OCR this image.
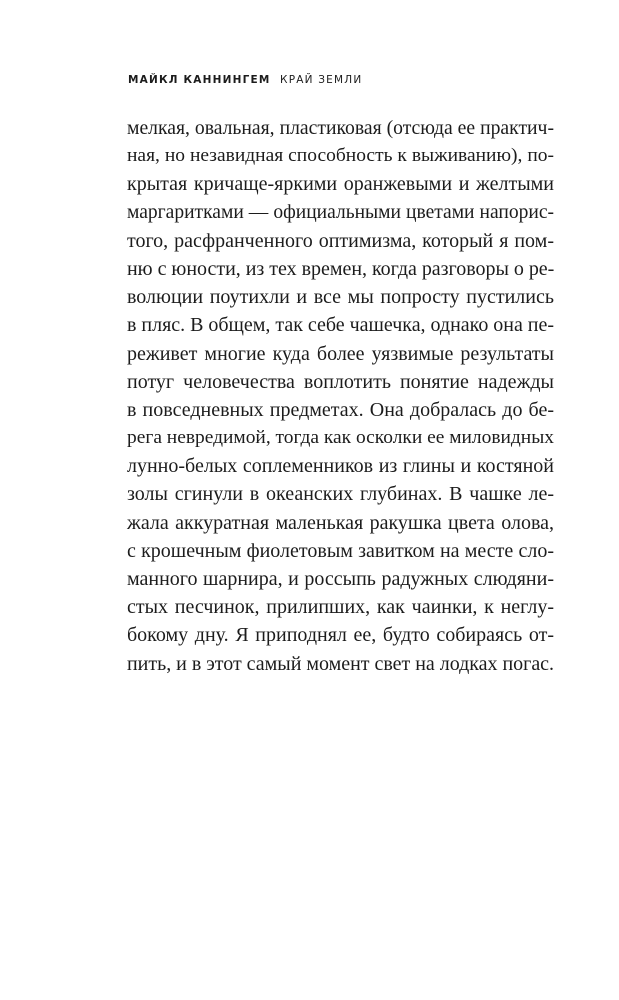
МАЙКЛ КАННИНГЕМ КРАЙ ЗЕМЛИ
мелкая, овальная, пластиковая (отсюда ее практич-
ная, но незавидная способность к выживанию), по-
крытая кричаще-яркими оранжевыми и желтыми
маргаритками — официальными цветами напорис-
того, расфранченного оптимизма, который я пом-
ню с юности, из тех времен, когда разговоры о ре-
волюции поутихли и все мы попросту пустились
в пляс. В общем, так себе чашечка, однако она пе-
реживет многие куда более уязвимые результаты
потуг человечества воплотить понятие надежды
в повседневных предметах. Она добралась до бе-
рега невредимой, тогда как осколки ее миловидных
лунно-белых соплеменников из глины и костяной
золы сгинули в океанских глубинах. В чашке ле-
жала аккуратная маленькая ракушка цвета олова,
с крошечным фиолетовым завитком на месте сло-
манного шарнира, и россыпь радужных слюдяни-
стых песчинок, прилипших, как чаинки, к неглу-
бокому дну. Я приподнял ее, будто собираясь от-
пить, и в этот самый момент свет на лодках погас.
